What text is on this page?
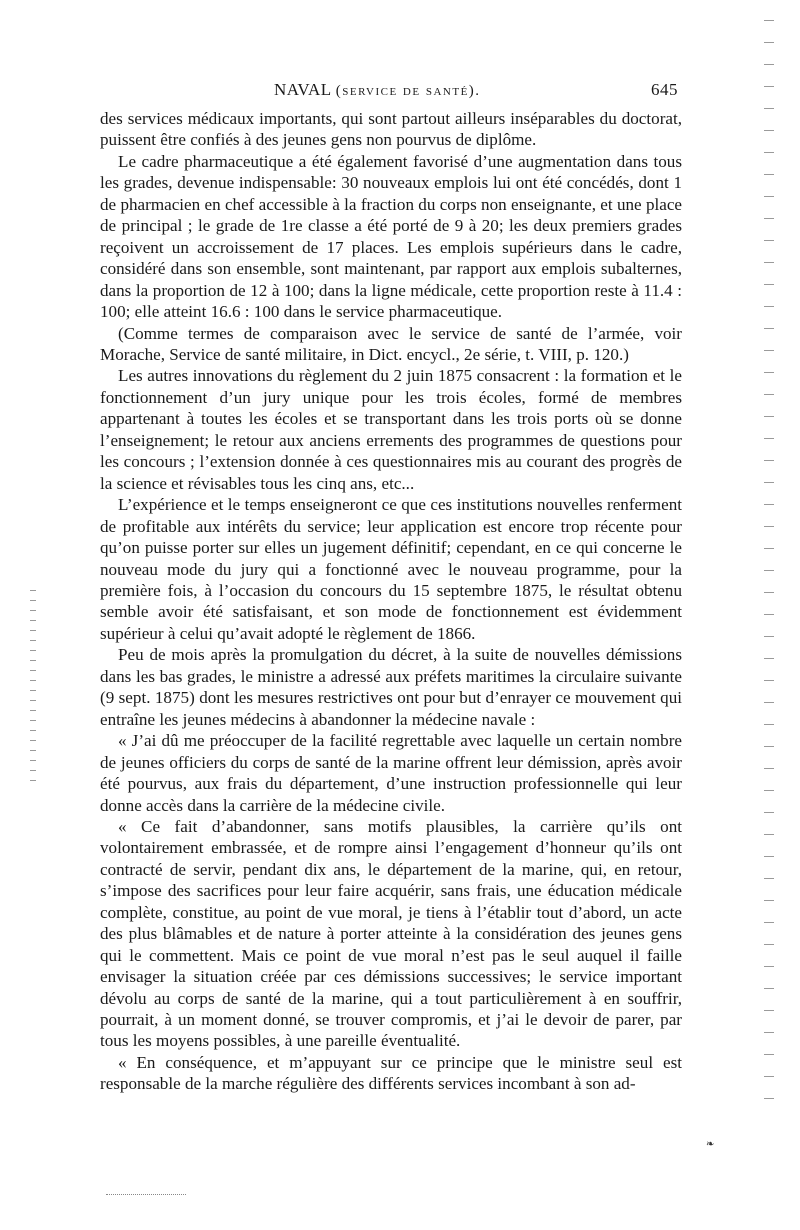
NAVAL (service de santé).	645

des services médicaux importants, qui sont partout ailleurs inséparables du doctorat, puissent être confiés à des jeunes gens non pourvus de diplôme.

Le cadre pharmaceutique a été également favorisé d’une augmentation dans tous les grades, devenue indispensable: 30 nouveaux emplois lui ont été concédés, dont 1 de pharmacien en chef accessible à la fraction du corps non enseignante, et une place de principal ; le grade de 1re classe a été porté de 9 à 20; les deux premiers grades reçoivent un accroissement de 17 places. Les emplois supérieurs dans le cadre, considéré dans son ensemble, sont maintenant, par rapport aux emplois subalternes, dans la proportion de 12 à 100; dans la ligne médicale, cette proportion reste à 11.4 : 100; elle atteint 16.6 : 100 dans le service pharmaceutique.

(Comme termes de comparaison avec le service de santé de l’armée, voir Morache, Service de santé militaire, in Dict. encycl., 2e série, t. VIII, p. 120.)

Les autres innovations du règlement du 2 juin 1875 consacrent : la formation et le fonctionnement d’un jury unique pour les trois écoles, formé de membres appartenant à toutes les écoles et se transportant dans les trois ports où se donne l’enseignement; le retour aux anciens errements des programmes de questions pour les concours ; l’extension donnée à ces questionnaires mis au courant des progrès de la science et révisables tous les cinq ans, etc...

L’expérience et le temps enseigneront ce que ces institutions nouvelles renferment de profitable aux intérêts du service; leur application est encore trop récente pour qu’on puisse porter sur elles un jugement définitif; cependant, en ce qui concerne le nouveau mode du jury qui a fonctionné avec le nouveau programme, pour la première fois, à l’occasion du concours du 15 septembre 1875, le résultat obtenu semble avoir été satisfaisant, et son mode de fonctionnement est évidemment supérieur à celui qu’avait adopté le règlement de 1866.

Peu de mois après la promulgation du décret, à la suite de nouvelles démissions dans les bas grades, le ministre a adressé aux préfets maritimes la circulaire suivante (9 sept. 1875) dont les mesures restrictives ont pour but d’enrayer ce mouvement qui entraîne les jeunes médecins à abandonner la médecine navale :

« J’ai dû me préoccuper de la facilité regrettable avec laquelle un certain nombre de jeunes officiers du corps de santé de la marine offrent leur démission, après avoir été pourvus, aux frais du département, d’une instruction professionnelle qui leur donne accès dans la carrière de la médecine civile.

« Ce fait d’abandonner, sans motifs plausibles, la carrière qu’ils ont volontairement embrassée, et de rompre ainsi l’engagement d’honneur qu’ils ont contracté de servir, pendant dix ans, le département de la marine, qui, en retour, s’impose des sacrifices pour leur faire acquérir, sans frais, une éducation médicale complète, constitue, au point de vue moral, je tiens à l’établir tout d’abord, un acte des plus blâmables et de nature à porter atteinte à la considération des jeunes gens qui le commettent. Mais ce point de vue moral n’est pas le seul auquel il faille envisager la situation créée par ces démissions successives; le service important dévolu au corps de santé de la marine, qui a tout particulièrement à en souffrir, pourrait, à un moment donné, se trouver compromis, et j’ai le devoir de parer, par tous les moyens possibles, à une pareille éventualité.

« En conséquence, et m’appuyant sur ce principe que le ministre seul est responsable de la marche régulière des différents services incombant à son ad-

❧
